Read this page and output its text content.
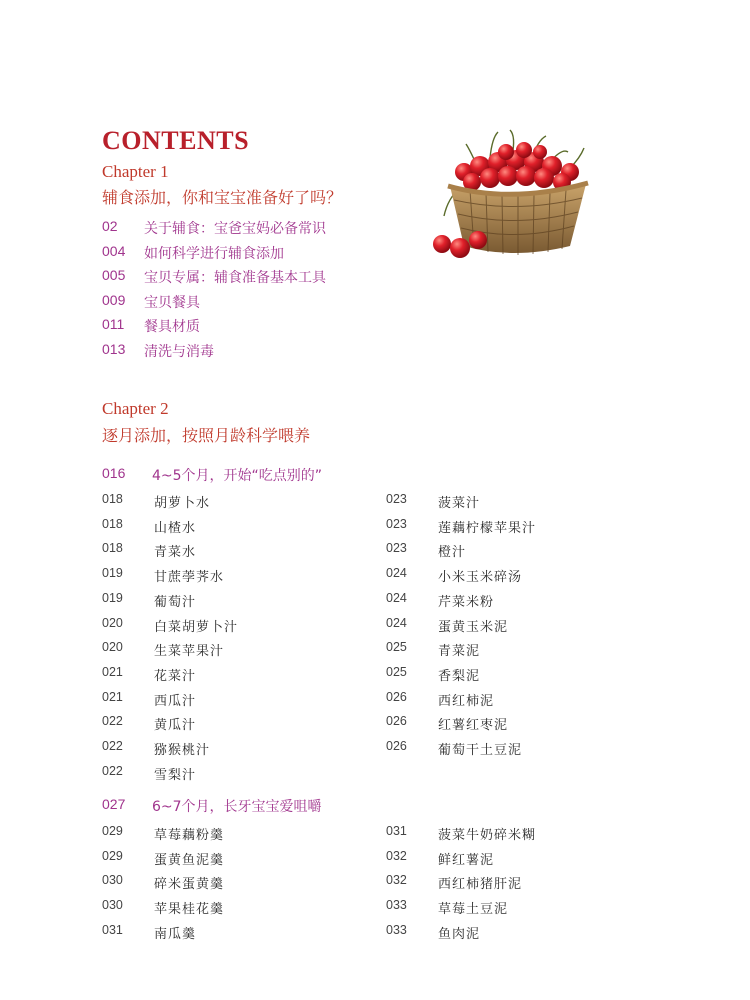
CONTENTS
Chapter 1
辅食添加，你和宝宝准备好了吗？
02 关于辅食：宝爸宝妈必备常识
004 如何科学进行辅食添加
005 宝贝专属：辅食准备基本工具
009 宝贝餐具
011 餐具材质
013 清洗与消毒
Chapter 2
逐月添加，按照月龄科学喂养
016 4~5个月，开始“吃点别的”
018 胡萝卜水
018 山楂水
018 青菜水
019 甘蔗荸荠水
019 葡萄汁
020 白菜胡萝卜汁
020 生菜苹果汁
021 花菜汁
021 西瓜汁
022 黄瓜汁
022 猕猴桃汁
022 雪梨汁
023 菠菜汁
023 莲藕柠檬苹果汁
023 橙汁
024 小米玉米碎汤
024 芹菜米粉
024 蛋黄玉米泥
025 青菜泥
025 香梨泥
026 西红柿泥
026 红薯红枣泥
026 葡萄干土豆泥
027 6~7个月，长牙宝宝爱咀嚼
029 草莓藕粉羹
029 蛋黄鱼泥羹
030 碎米蛋黄羹
030 苹果桂花羹
031 南瓜羹
031 菠菜牛奶碎米糊
032 鲜红薯泥
032 西红柿猪肝泥
033 草莓土豆泥
033 鱼肉泥
